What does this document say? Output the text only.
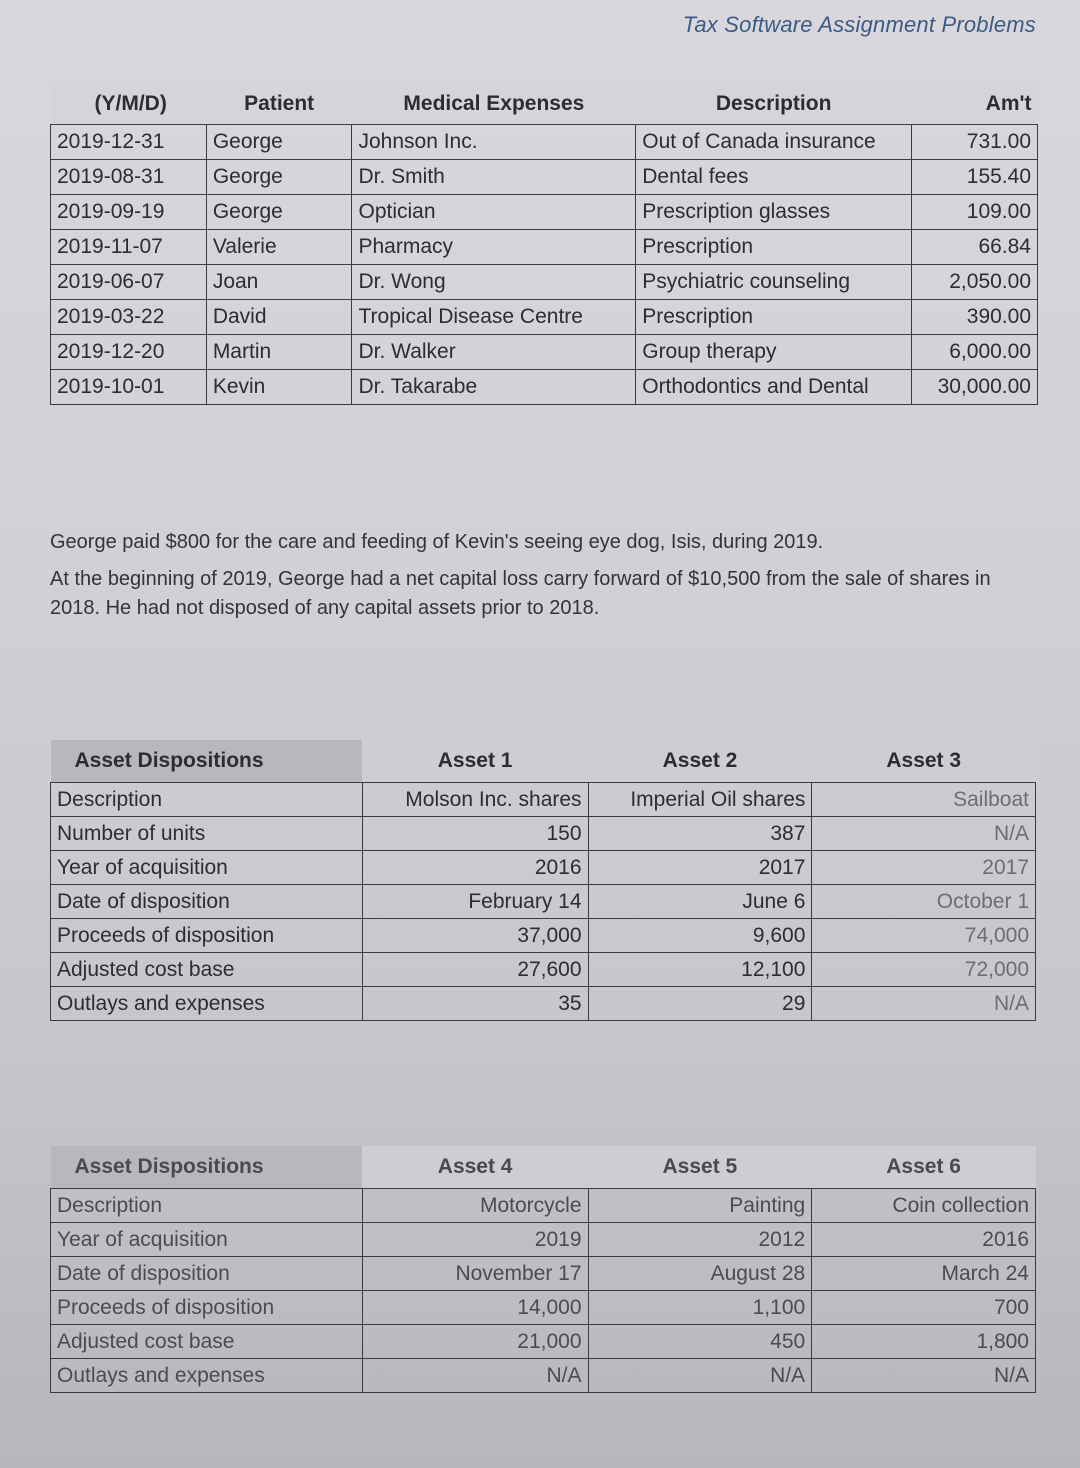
Tax Software Assignment Problems
(Y/M/D)	Patient	Medical Expenses	Description	Am't
2019-12-31	George	Johnson Inc.	Out of Canada insurance	731.00
2019-08-31	George	Dr. Smith	Dental fees	155.40
2019-09-19	George	Optician	Prescription glasses	109.00
2019-11-07	Valerie	Pharmacy	Prescription	66.84
2019-06-07	Joan	Dr. Wong	Psychiatric counseling	2,050.00
2019-03-22	David	Tropical Disease Centre	Prescription	390.00
2019-12-20	Martin	Dr. Walker	Group therapy	6,000.00
2019-10-01	Kevin	Dr. Takarabe	Orthodontics and Dental	30,000.00

George paid $800 for the care and feeding of Kevin's seeing eye dog, Isis, during 2019.

At the beginning of 2019, George had a net capital loss carry forward of $10,500 from the sale of shares in 2018. He had not disposed of any capital assets prior to 2018.

Asset Dispositions	Asset 1	Asset 2	Asset 3
Description	Molson Inc. shares	Imperial Oil shares	Sailboat
Number of units	150	387	N/A
Year of acquisition	2016	2017	2017
Date of disposition	February 14	June 6	October 1
Proceeds of disposition	37,000	9,600	74,000
Adjusted cost base	27,600	12,100	72,000
Outlays and expenses	35	29	N/A
Asset Dispositions	Asset 4	Asset 5	Asset 6
Description	Motorcycle	Painting	Coin collection
Year of acquisition	2019	2012	2016
Date of disposition	November 17	August 28	March 24
Proceeds of disposition	14,000	1,100	700
Adjusted cost base	21,000	450	1,800
Outlays and expenses	N/A	N/A	N/A
